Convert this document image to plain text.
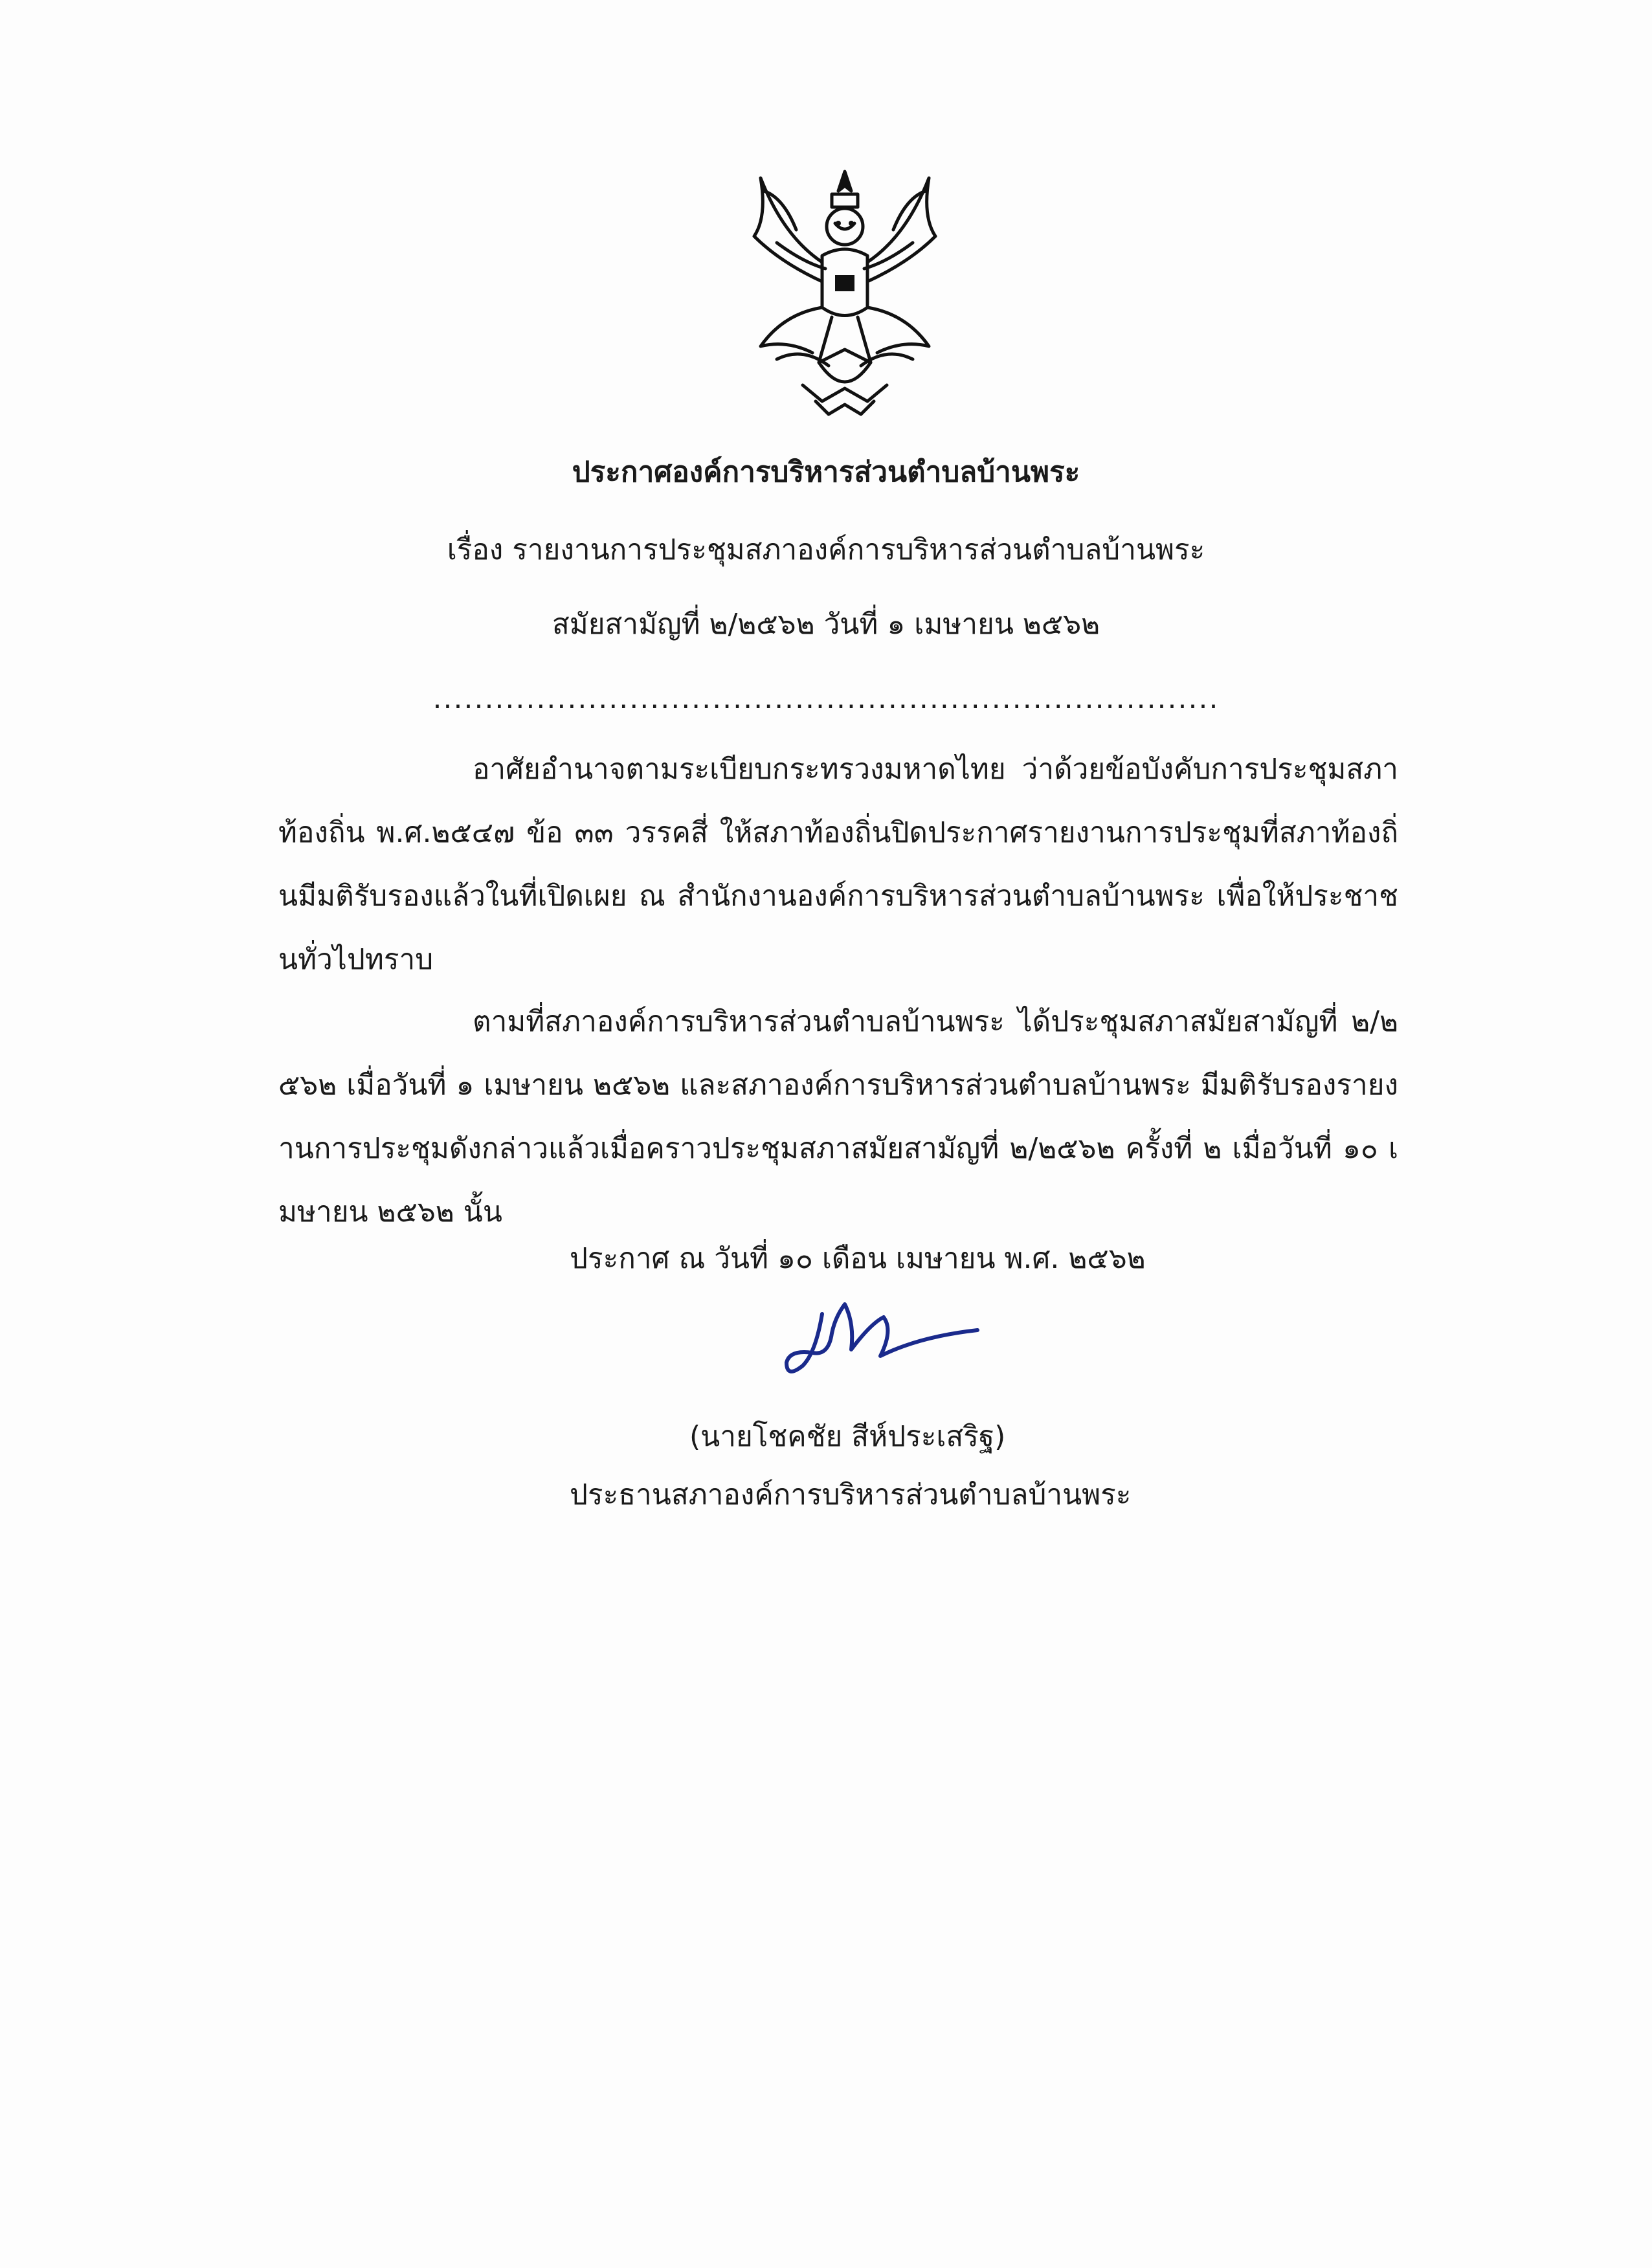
ประกาศองค์การบริหารส่วนตำบลบ้านพระ
เรื่อง รายงานการประชุมสภาองค์การบริหารส่วนตำบลบ้านพระ
สมัยสามัญที่ ๒/๒๕๖๒ วันที่ ๑ เมษายน ๒๕๖๒
............................................................................

อาศัยอำนาจตามระเบียบกระทรวงมหาดไทย ว่าด้วยข้อบังคับการประชุมสภาท้องถิ่น พ.ศ.๒๕๔๗ ข้อ ๓๓ วรรคสี่ ให้สภาท้องถิ่นปิดประกาศรายงานการประชุมที่สภาท้องถิ่นมีมติรับรองแล้วในที่เปิดเผย ณ สำนักงานองค์การบริหารส่วนตำบลบ้านพระ เพื่อให้ประชาชนทั่วไปทราบ

ตามที่สภาองค์การบริหารส่วนตำบลบ้านพระ ได้ประชุมสภาสมัยสามัญที่ ๒/๒๕๖๒ เมื่อวันที่ ๑ เมษายน ๒๕๖๒ และสภาองค์การบริหารส่วนตำบลบ้านพระ มีมติรับรองรายงานการประชุมดังกล่าวแล้วเมื่อคราวประชุมสภาสมัยสามัญที่ ๒/๒๕๖๒ ครั้งที่ ๒ เมื่อวันที่ ๑๐ เมษายน ๒๕๖๒ นั้น

ประกาศ ณ วันที่ ๑๐ เดือน เมษายน พ.ศ. ๒๕๖๒
(นายโชคชัย สีห์ประเสริฐ)
ประธานสภาองค์การบริหารส่วนตำบลบ้านพระ
